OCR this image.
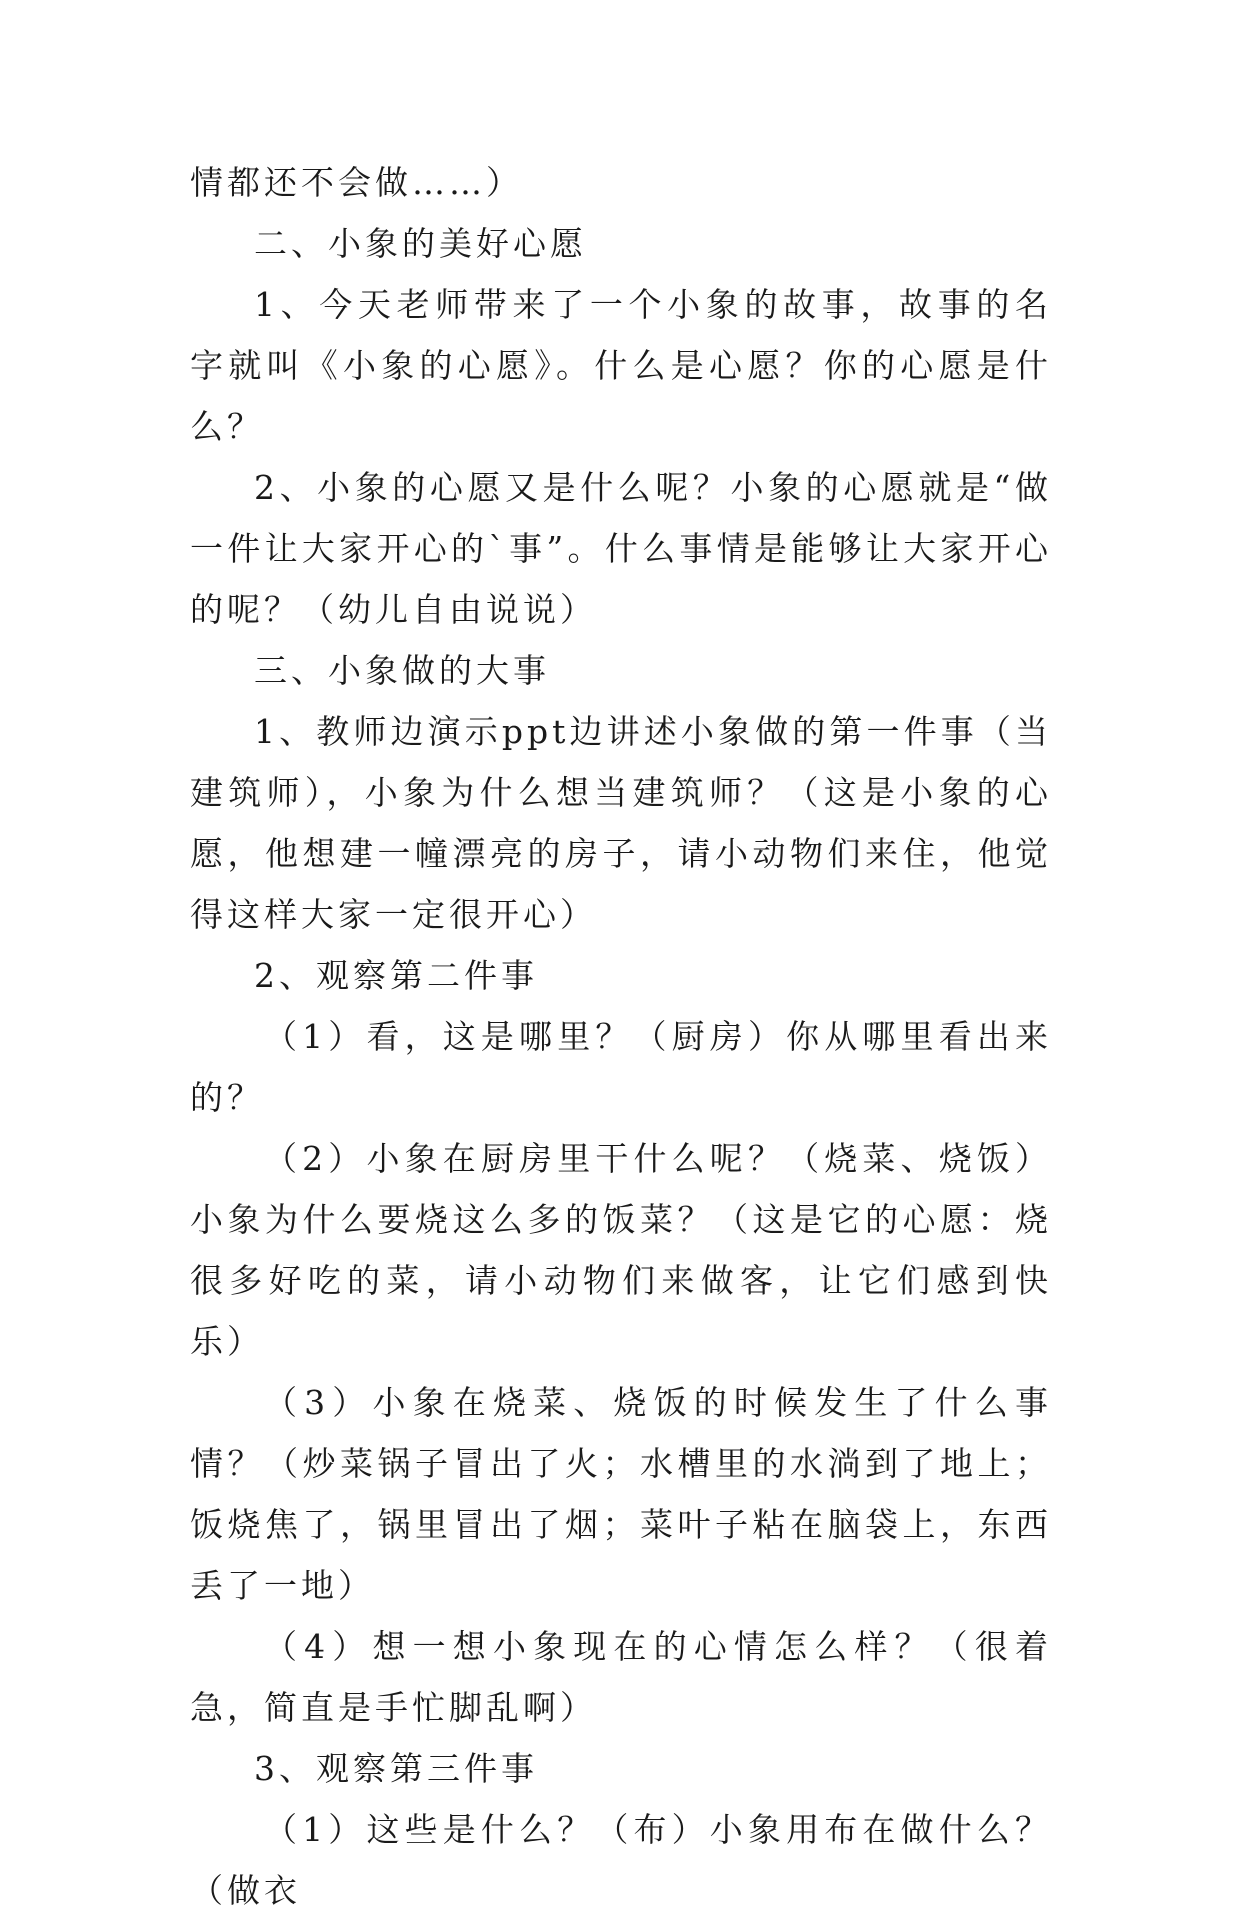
情都还不会做……）

二、小象的美好心愿

1、今天老师带来了一个小象的故事，故事的名字就叫《小象的心愿》。什么是心愿？你的心愿是什么？

2、小象的心愿又是什么呢？小象的心愿就是“做一件让大家开心的`事”。什么事情是能够让大家开心的呢？（幼儿自由说说）

三、小象做的大事

1、教师边演示ppt边讲述小象做的第一件事（当建筑师），小象为什么想当建筑师？（这是小象的心愿，他想建一幢漂亮的房子，请小动物们来住，他觉得这样大家一定很开心）

2、观察第二件事

（1）看，这是哪里？（厨房）你从哪里看出来的？

（2）小象在厨房里干什么呢？（烧菜、烧饭）小象为什么要烧这么多的饭菜？（这是它的心愿：烧很多好吃的菜，请小动物们来做客，让它们感到快乐）

（3）小象在烧菜、烧饭的时候发生了什么事情？（炒菜锅子冒出了火；水槽里的水淌到了地上；饭烧焦了，锅里冒出了烟；菜叶子粘在脑袋上，东西丢了一地）

（4）想一想小象现在的心情怎么样？（很着急，简直是手忙脚乱啊）

3、观察第三件事

（1）这些是什么？（布）小象用布在做什么？（做衣
